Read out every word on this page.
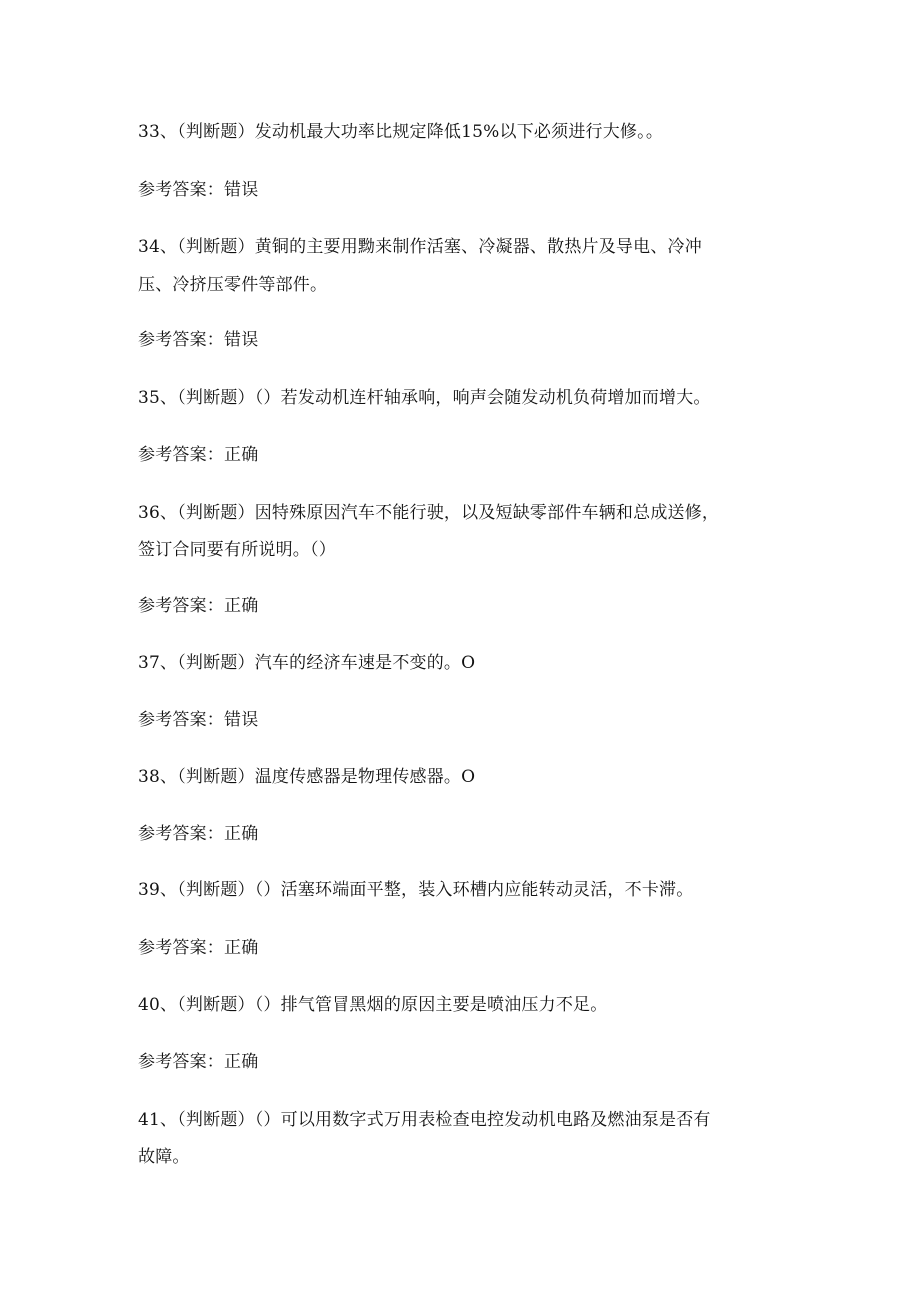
33、（判断题）发动机最大功率比规定降低15%以下必须进行大修。。
参考答案：错误
34、（判断题）黄铜的主要用黝来制作活塞、冷凝器、散热片及导电、冷冲
压、冷挤压零件等部件。
参考答案：错误
35、（判断题）（）若发动机连杆轴承响，响声会随发动机负荷增加而增大。
参考答案：正确
36、（判断题）因特殊原因汽车不能行驶，以及短缺零部件车辆和总成送修，
签订合同要有所说明。（）
参考答案：正确
37、（判断题）汽车的经济车速是不变的。O
参考答案：错误
38、（判断题）温度传感器是物理传感器。O
参考答案：正确
39、（判断题）（）活塞环端面平整，装入环槽内应能转动灵活，不卡滞。
参考答案：正确
40、（判断题）（）排气管冒黑烟的原因主要是喷油压力不足。
参考答案：正确
41、（判断题）（）可以用数字式万用表检查电控发动机电路及燃油泵是否有
故障。
